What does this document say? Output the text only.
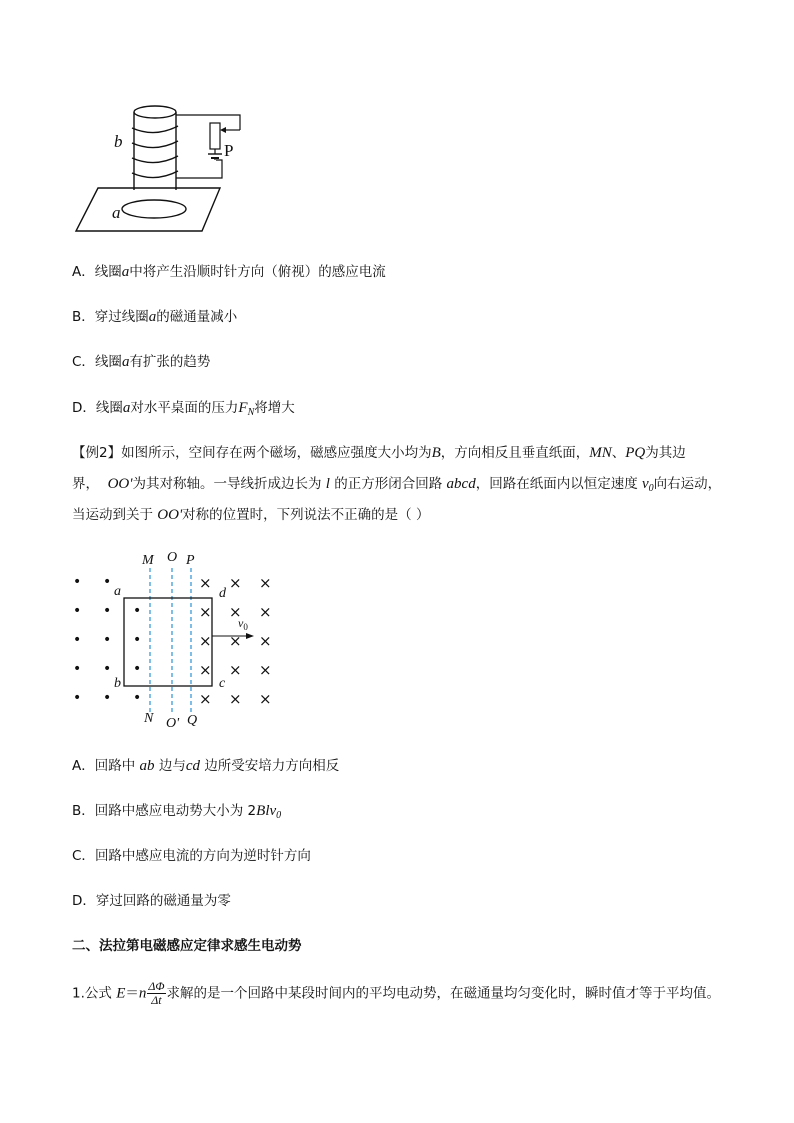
b
a
P
A．线圈a中将产生沿顺时针方向（俯视）的感应电流
B．穿过线圈a的磁通量减小
C．线圈a有扩张的趋势
D．线圈a对水平桌面的压力$F_N$将增大
【例2】如图所示，空间存在两个磁场，磁感应强度大小均为B，方向相反且垂直纸面，MN、PQ为其边
界， OO'为其对称轴。一导线折成边长为 l 的正方形闭合回路 abcd，回路在纸面内以恒定速度 $v_0$向右运动，
当运动到关于 OO'对称的位置时，下列说法不正确的是（ ）
• •
• • •
• • •
• • •
• • •
× × ×
× × ×
× × ×
× × ×
× × ×
M O P
a	d
b	c
$v_0$
N O' Q
A．回路中 ab 边与cd 边所受安培力方向相反
B．回路中感应电动势大小为 2Blv$_0$
C．回路中感应电流的方向为逆时针方向
D．穿过回路的磁通量为零
二、法拉第电磁感应定律求感生电动势
1.公式 $E=n \frac{\Delta\Phi}{\Delta t}$ 求解的是一个回路中某段时间内的平均电动势，在磁通量均匀变化时，瞬时值才等于平均值。
